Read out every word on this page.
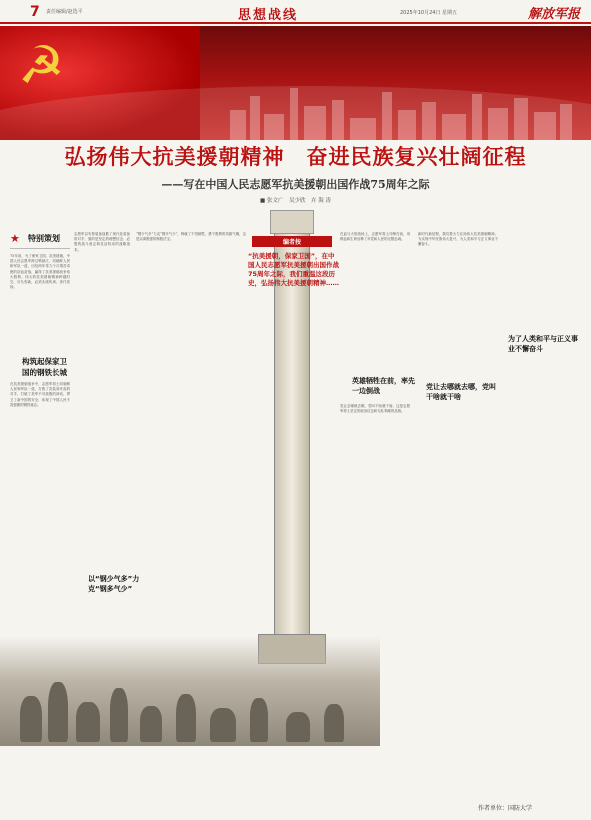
7 责任编辑/赵选平	思想战线	2025年10月24日 星期五	解放军报
☭
弘扬伟大抗美援朝精神　奋进民族复兴壮阔征程
——写在中国人民志愿军抗美援朝出国作战75周年之际
■ 张文广　吴少欣　卉 海 涛
★ 特别策划
75年前，为了保家卫国、抗美援朝，中国人民志愿军跨过鸭绿江，同朝鲜人民和军队一道，历经两年零九个月艰苦卓绝的浴血奋战，赢得了抗美援朝战争伟大胜利。伟大的抗美援朝精神跨越时空，历久弥新，必须永续传承、世代发扬。
构筑起保家卫国的钢铁长城
在抗美援朝战争中，志愿军将士同朝鲜人民和军队一道，打败了武装到牙齿的对手，打破了美军不可战胜的神话，捍卫了新中国的安全，体现了中国人民不畏强暴的钢铁意志。
志愿军以劣势装备战胜了现代化装备的对手，靠的是坚定的理想信念、必胜的战斗意志和灵活机动的战略战术。
以“钢少气多”力克“钢多气少”
“钢少气多”力克“钢多气少”，铸就了不怕牺牲、勇于胜利的英雄气概，这是以弱胜强的制胜法宝。	编者按
“抗美援朝，保家卫国”，在中国人民志愿军抗美援朝出国作战75周年之际，我们重温这段历史，弘扬伟大抗美援朝精神……
在血与火的战场上，志愿军将士冲锋在前，用鲜血和生命诠释了对党和人民的无限忠诚。
英雄牺牲在前，率先一边倒战
党让去哪就去哪，党叫干啥就干啥，这是志愿军将士坚定的政治信念和无私奉献的品格。
新时代新征程，我们要大力弘扬伟大抗美援朝精神，为实现中华民族伟大复兴、为人类和平与正义事业不懈奋斗。
党让去哪就去哪，党叫干啥就干啥
为了人类和平与正义事业不懈奋斗
作者单位：国防大学
